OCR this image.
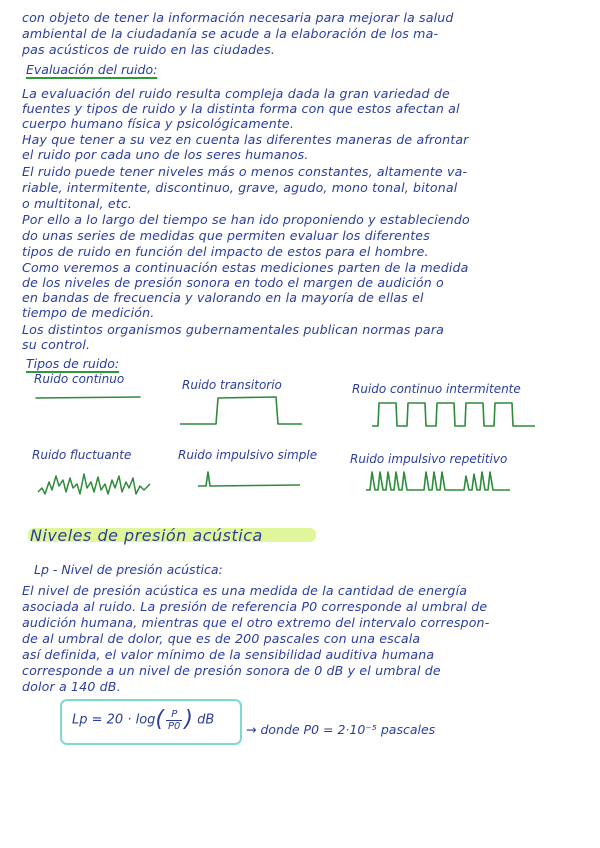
con objeto de tener la información necesaria para mejorar la salud
ambiental de la ciudadanía se acude a la elaboración de los ma-
pas acústicos de ruido en las ciudades.
Evaluación del ruido:
La evaluación del ruido resulta compleja dada la gran variedad de
fuentes y tipos de ruido y la distinta forma con que estos afectan al
cuerpo humano física y psicológicamente.
Hay que tener a su vez en cuenta las diferentes maneras de afrontar
el ruido por cada uno de los seres humanos.
El ruido puede tener niveles más o menos constantes, altamente va-
riable, intermitente, discontinuo, grave, agudo, mono tonal, bitonal
o multitonal, etc.
Por ello a lo largo del tiempo se han ido proponiendo y estableciendo
do unas series de medidas que permiten evaluar los diferentes
tipos de ruido en función del impacto de estos para el hombre.
Como veremos a continuación estas mediciones parten de la medida
de los niveles de presión sonora en todo el margen de audición o
en bandas de frecuencia y valorando en la mayoría de ellas el
tiempo de medición.
Los distintos organismos gubernamentales publican normas para
su control.
Tipos de ruido:
Ruido continuo	Ruido transitorio	Ruido continuo intermitente
Ruido fluctuante	Ruido impulsivo simple	Ruido impulsivo repetitivo
Niveles de presión acústica
Lp - Nivel de presión acústica:
El nivel de presión acústica es una medida de la cantidad de energía
asociada al ruido. La presión de referencia P0 corresponde al umbral de
audición humana, mientras que el otro extremo del intervalo correspon-
de al umbral de dolor, que es de 200 pascales con una escala
así definida, el valor mínimo de la sensibilidad auditiva humana
corresponde a un nivel de presión sonora de 0 dB y el umbral de
dolor a 140 dB.
$Lp = 20 \cdot \log( \frac{P}{P0}$ ) dB
→ donde P0 = 2·10⁻⁵ pascales
